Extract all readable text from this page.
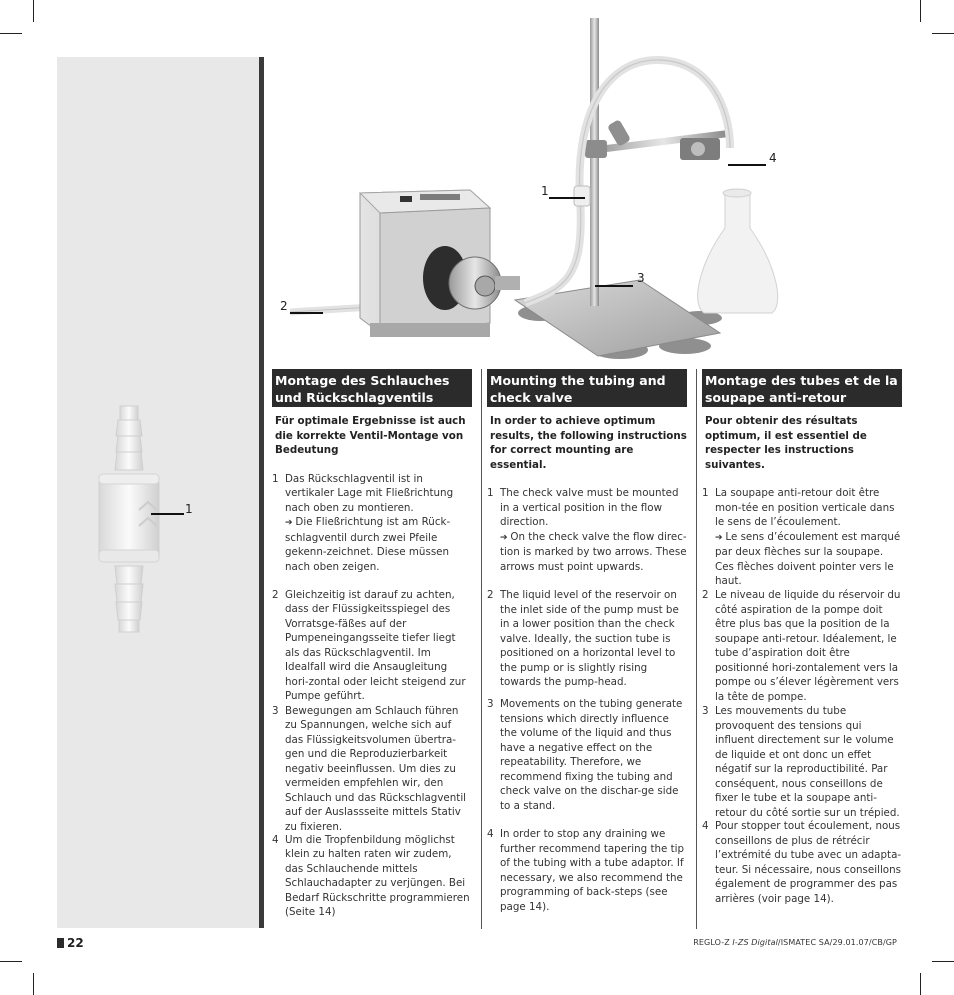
1
1
2
3
4
Montage des Schlauches und Rückschlagventils
Für optimale Ergebnisse ist auch die korrekte Ventil-Montage von Bedeutung
1 Das Rückschlagventil ist in vertikaler Lage mit Fließrichtung nach oben zu montieren.
➔ Die Fließrichtung ist am Rück-schlagventil durch zwei Pfeile gekenn-zeichnet. Diese müssen nach oben zeigen.
2 Gleichzeitig ist darauf zu achten, dass der Flüssigkeitsspiegel des Vorratsge-fäßes auf der Pumpeneingangsseite tiefer liegt als das Rückschlagventil. Im Idealfall wird die Ansaugleitung hori-zontal oder leicht steigend zur Pumpe geführt.
3 Bewegungen am Schlauch führen zu Spannungen, welche sich auf das Flüssigkeitsvolumen übertra-gen und die Reproduzierbarkeit negativ beeinflussen. Um dies zu vermeiden empfehlen wir, den Schlauch und das Rückschlagventil auf der Auslassseite mittels Stativ zu fixieren.
4 Um die Tropfenbildung möglichst klein zu halten raten wir zudem, das Schlauchende mittels Schlauchadapter zu verjüngen. Bei Bedarf Rückschritte programmieren (Seite 14)
Mounting the tubing and check valve
In order to achieve optimum results, the following instructions for correct mounting are essential.
1 The check valve must be mounted in a vertical position in the flow direction.
➔ On the check valve the flow direc-tion is marked by two arrows. These arrows must point upwards.
2 The liquid level of the reservoir on the inlet side of the pump must be in a lower position than the check valve. Ideally, the suction tube is positioned on a horizontal level to the pump or is slightly rising towards the pump-head.
3 Movements on the tubing generate tensions which directly influence the volume of the liquid and thus have a negative effect on the repeatability. Therefore, we recommend fixing the tubing and check valve on the dischar-ge side to a stand.
4 In order to stop any draining we further recommend tapering the tip of the tubing with a tube adaptor. If necessary, we also recommend the programming of back-steps (see page 14).
Montage des tubes et de la soupape anti-retour
Pour obtenir des résultats optimum, il est essentiel de respecter les instructions suivantes.
1 La soupape anti-retour doit être mon-tée en position verticale dans le sens de l’écoulement.
➔ Le sens d’écoulement est marqué par deux flèches sur la soupape. Ces flèches doivent pointer vers le haut.
2 Le niveau de liquide du réservoir du côté aspiration de la pompe doit être plus bas que la position de la soupape anti-retour. Idéalement, le tube d’aspiration doit être positionné hori-zontalement vers la pompe ou s’élever légèrement vers la tête de pompe.
3 Les mouvements du tube provoquent des tensions qui influent directement sur le volume de liquide et ont donc un effet négatif sur la reproductibilité. Par conséquent, nous conseillons de fixer le tube et la soupape anti-retour du côté sortie sur un trépied.
4 Pour stopper tout écoulement, nous conseillons de plus de rétrécir l’extrémité du tube avec un adapta-teur. Si nécessaire, nous conseillons également de programmer des pas arrières (voir page 14).
22	REGLO-Z I-ZS Digital/ISMATEC SA/29.01.07/CB/GP
